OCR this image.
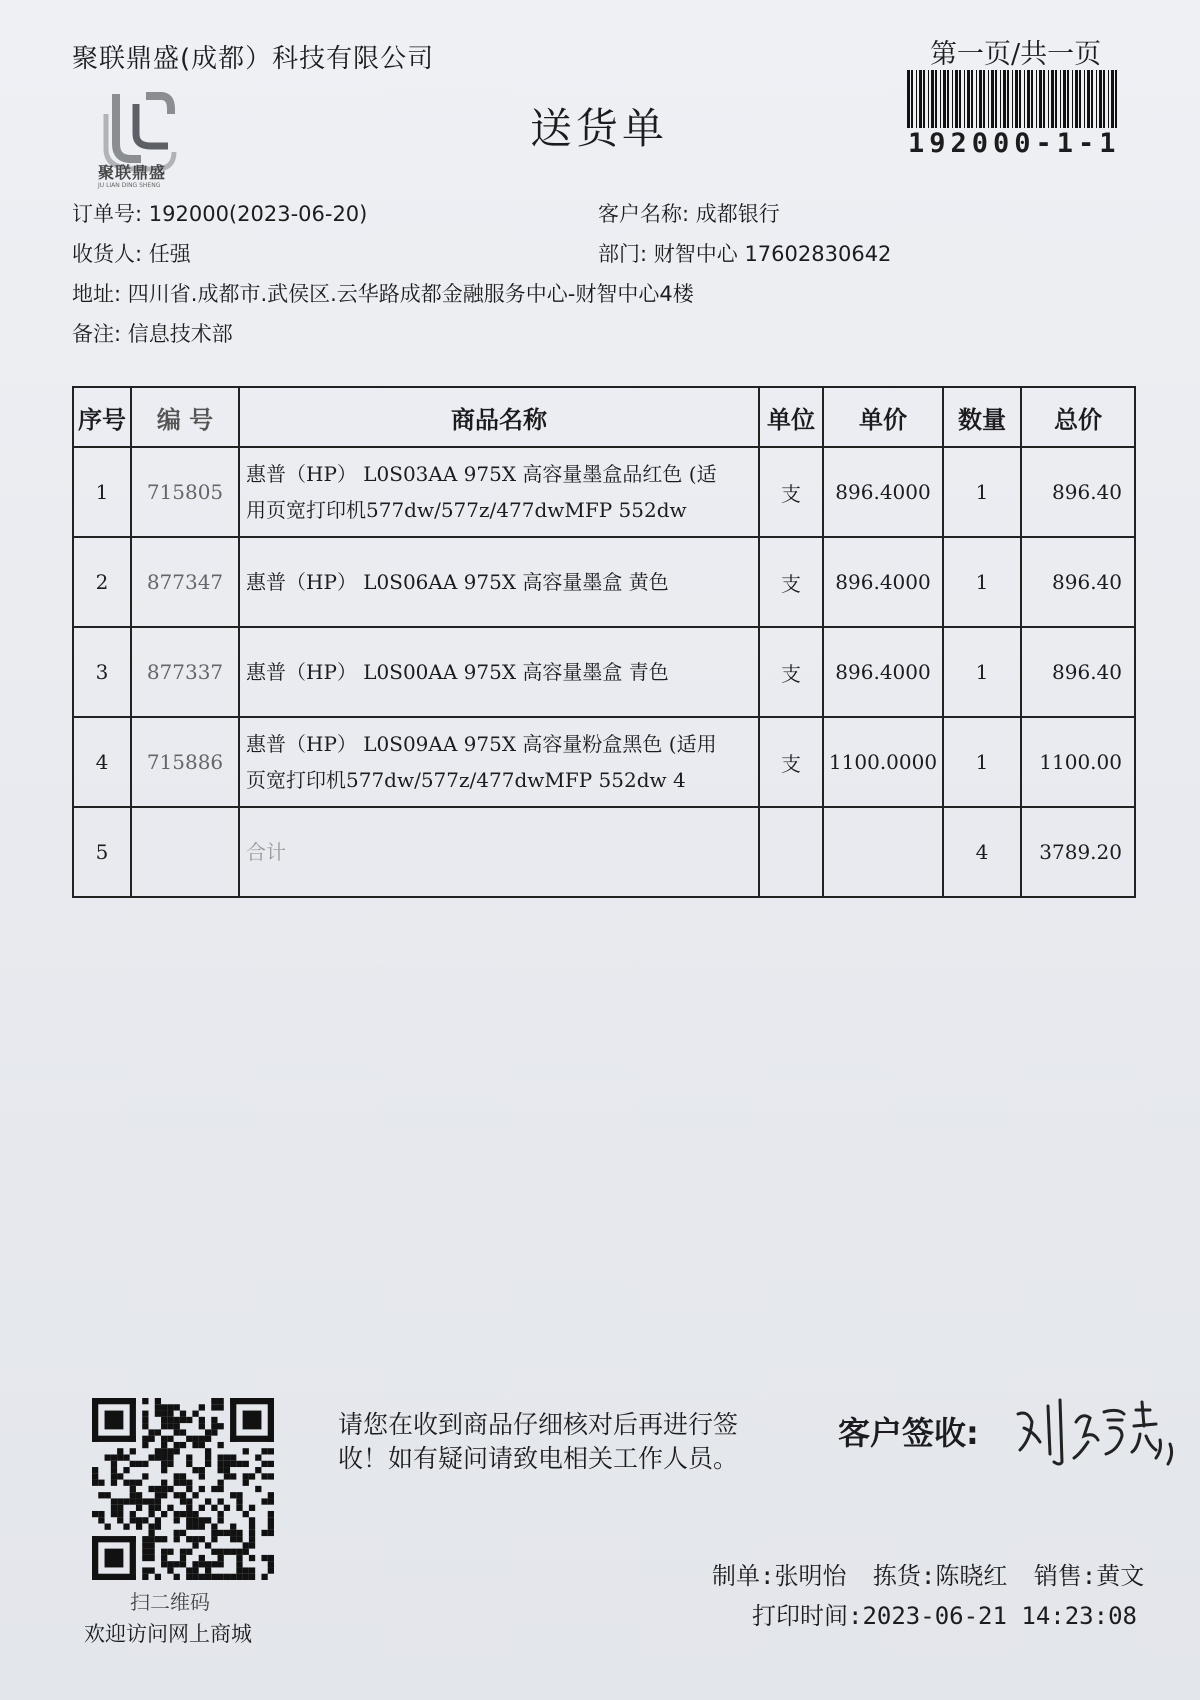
聚联鼎盛(成都）科技有限公司
聚联鼎盛
JU LIAN DING SHENG
送货单
第一页/共一页
192000-1-1
订单号: 192000(2023-06-20)	客户名称: 成都银行
收货人: 任强	部门: 财智中心 17602830642
地址: 四川省.成都市.武侯区.云华路成都金融服务中心-财智中心4楼
备注: 信息技术部
序号	编 号	商品名称	单位	单价	数量	总价
1	715805	惠普（HP） L0S03AA 975X 高容量墨盒品红色 (适
用页宽打印机577dw/577z/477dwMFP 552dw	支	896.4000	1	896.40
2	877347	惠普（HP） L0S06AA 975X 高容量墨盒 黄色	支	896.4000	1	896.40
3	877337	惠普（HP） L0S00AA 975X 高容量墨盒 青色	支	896.4000	1	896.40
4	715886	惠普（HP） L0S09AA 975X 高容量粉盒黑色 (适用
页宽打印机577dw/577z/477dwMFP 552dw 4	支	1100.0000	1	1100.00
5		合计			4	3789.20
扫二维码
欢迎访问网上商城
请您在收到商品仔细核对后再进行签收！如有疑问请致电相关工作人员。
客户签收:
制单:张明怡 拣货:陈晓红 销售:黄文
打印时间:2023-06-21 14:23:08
